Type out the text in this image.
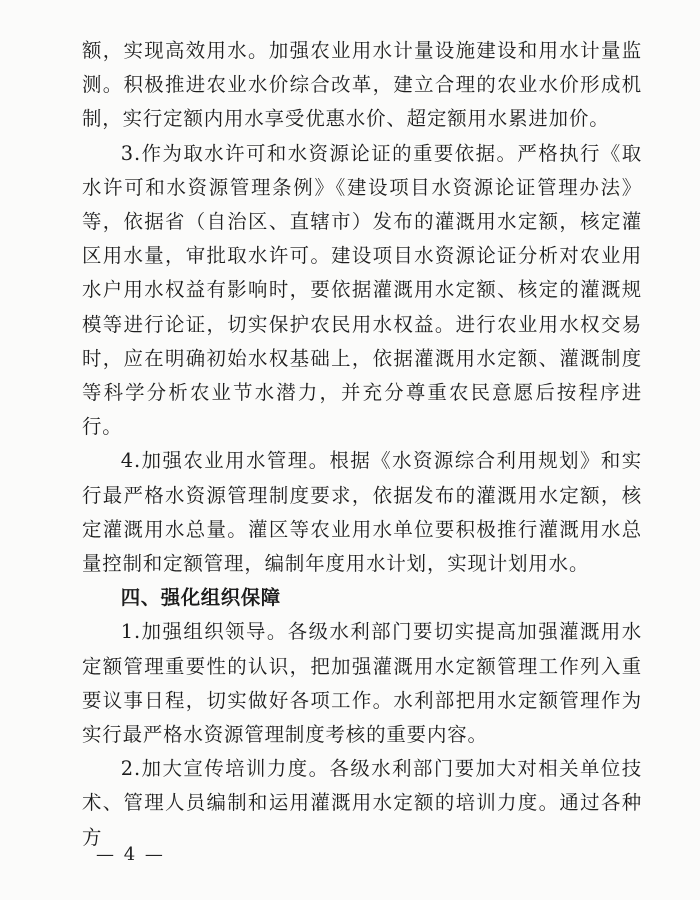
额，实现高效用水。加强农业用水计量设施建设和用水计量监测。积极推进农业水价综合改革，建立合理的农业水价形成机制，实行定额内用水享受优惠水价、超定额用水累进加价。

3.作为取水许可和水资源论证的重要依据。严格执行《取水许可和水资源管理条例》《建设项目水资源论证管理办法》等，依据省（自治区、直辖市）发布的灌溉用水定额，核定灌区用水量，审批取水许可。建设项目水资源论证分析对农业用水户用水权益有影响时，要依据灌溉用水定额、核定的灌溉规模等进行论证，切实保护农民用水权益。进行农业用水权交易时，应在明确初始水权基础上，依据灌溉用水定额、灌溉制度等科学分析农业节水潜力，并充分尊重农民意愿后按程序进行。

4.加强农业用水管理。根据《水资源综合利用规划》和实行最严格水资源管理制度要求，依据发布的灌溉用水定额，核定灌溉用水总量。灌区等农业用水单位要积极推行灌溉用水总量控制和定额管理，编制年度用水计划，实现计划用水。

四、强化组织保障

1.加强组织领导。各级水利部门要切实提高加强灌溉用水定额管理重要性的认识，把加强灌溉用水定额管理工作列入重要议事日程，切实做好各项工作。水利部把用水定额管理作为实行最严格水资源管理制度考核的重要内容。

2.加大宣传培训力度。各级水利部门要加大对相关单位技术、管理人员编制和运用灌溉用水定额的培训力度。通过各种方

— 4 —
